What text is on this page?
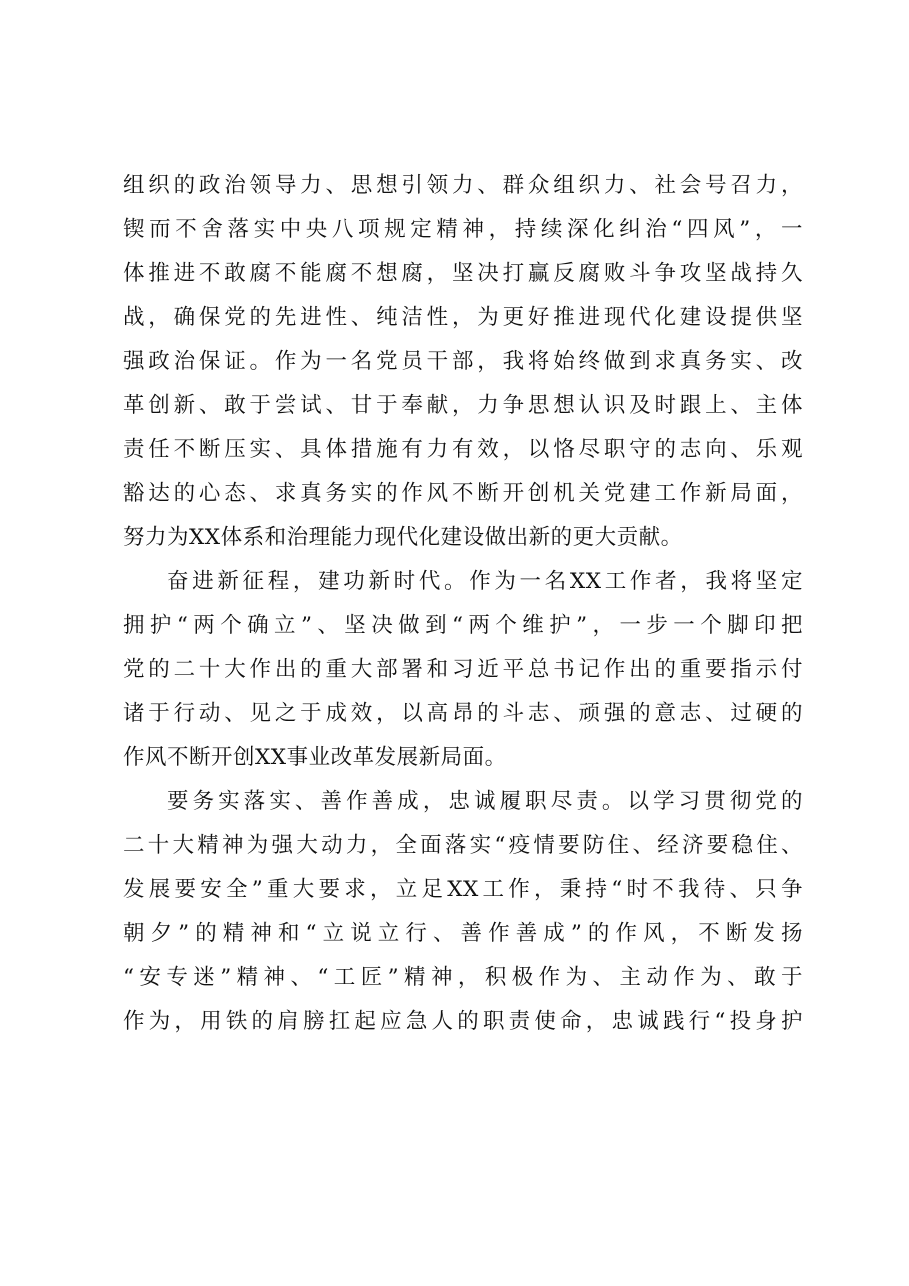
组织的政治领导力、思想引领力、群众组织力、社会号召力，
锲而不舍落实中央八项规定精神，持续深化纠治“四风”，一
体推进不敢腐不能腐不想腐，坚决打赢反腐败斗争攻坚战持久
战，确保党的先进性、纯洁性，为更好推进现代化建设提供坚
强政治保证。作为一名党员干部，我将始终做到求真务实、改
革创新、敢于尝试、甘于奉献，力争思想认识及时跟上、主体
责任不断压实、具体措施有力有效，以恪尽职守的志向、乐观
豁达的心态、求真务实的作风不断开创机关党建工作新局面，
努力为XX体系和治理能力现代化建设做出新的更大贡献。
奋进新征程，建功新时代。作为一名XX工作者，我将坚定
拥护“两个确立”、坚决做到“两个维护”，一步一个脚印把
党的二十大作出的重大部署和习近平总书记作出的重要指示付
诸于行动、见之于成效，以高昂的斗志、顽强的意志、过硬的
作风不断开创XX事业改革发展新局面。
要务实落实、善作善成，忠诚履职尽责。以学习贯彻党的
二十大精神为强大动力，全面落实“疫情要防住、经济要稳住、
发展要安全”重大要求，立足XX工作，秉持“时不我待、只争
朝夕”的精神和“立说立行、善作善成”的作风，不断发扬
“安专迷”精神、“工匠”精神，积极作为、主动作为、敢于
作为，用铁的肩膀扛起应急人的职责使命，忠诚践行“投身护
